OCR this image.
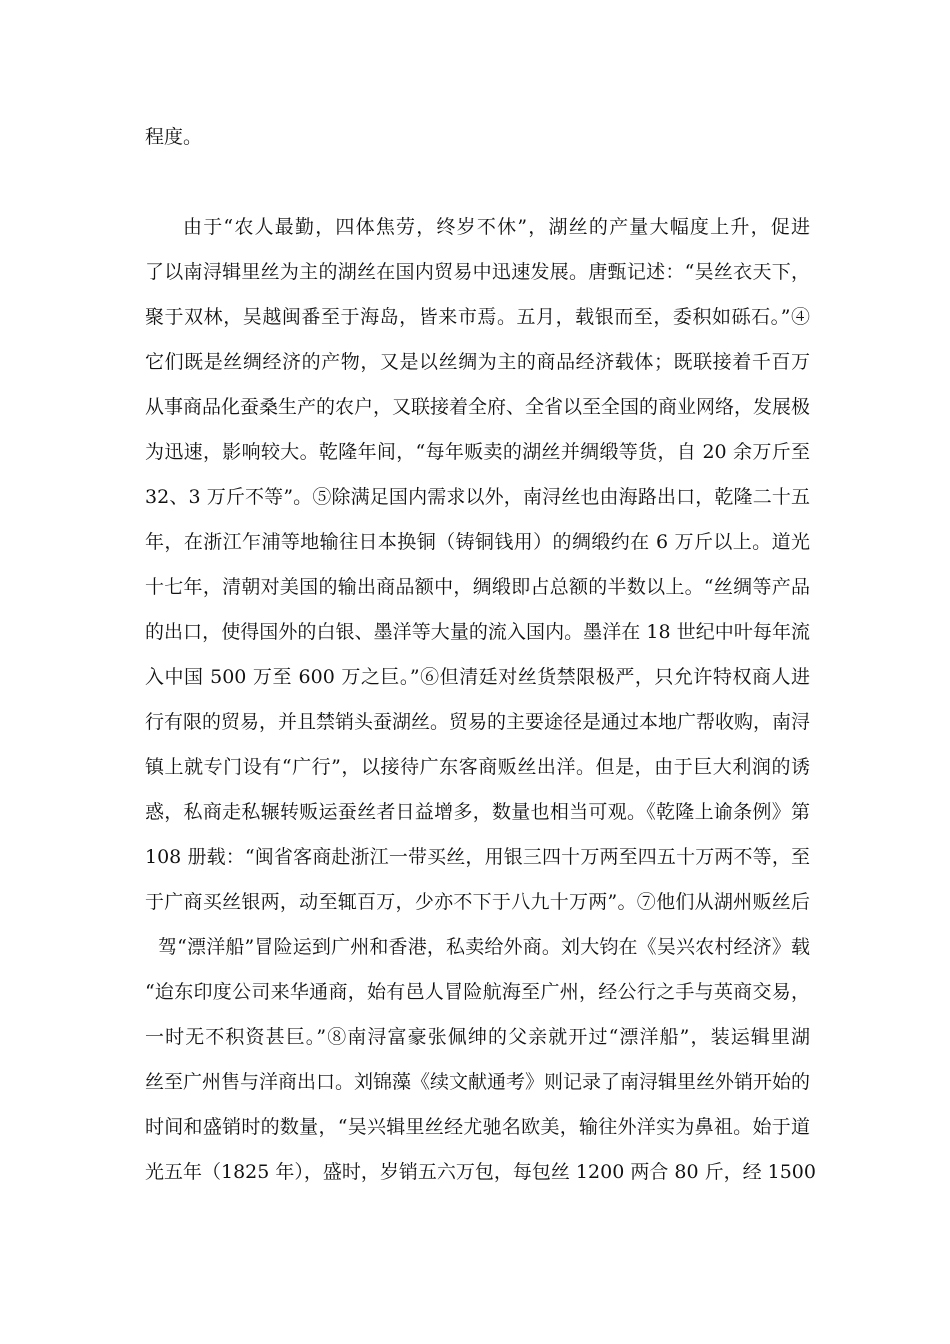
程度。
由于“农人最勤，四体焦劳，终岁不休”，湖丝的产量大幅度上升，促进
了以南浔辑里丝为主的湖丝在国内贸易中迅速发展。唐甄记述：“吴丝衣天下，
聚于双林，吴越闽番至于海岛，皆来市焉。五月，载银而至，委积如砾石。”④
它们既是丝绸经济的产物，又是以丝绸为主的商品经济载体；既联接着千百万
从事商品化蚕桑生产的农户，又联接着全府、全省以至全国的商业网络，发展极
为迅速，影响较大。乾隆年间，“每年贩卖的湖丝并绸缎等货，自 20 余万斤至
32、3 万斤不等”。⑤除满足国内需求以外，南浔丝也由海路出口，乾隆二十五
年，在浙江乍浦等地输往日本换铜（铸铜钱用）的绸缎约在 6 万斤以上。道光
十七年，清朝对美国的输出商品额中，绸缎即占总额的半数以上。“丝绸等产品
的出口，使得国外的白银、墨洋等大量的流入国内。墨洋在 18 世纪中叶每年流
入中国 500 万至 600 万之巨。”⑥但清廷对丝货禁限极严，只允许特权商人进
行有限的贸易，并且禁销头蚕湖丝。贸易的主要途径是通过本地广帮收购，南浔
镇上就专门设有“广行”，以接待广东客商贩丝出洋。但是，由于巨大利润的诱
惑，私商走私辗转贩运蚕丝者日益增多，数量也相当可观。《乾隆上谕条例》第
108 册载：“闽省客商赴浙江一带买丝，用银三四十万两至四五十万两不等，至
于广商买丝银两，动至辄百万，少亦不下于八九十万两”。⑦他们从湖州贩丝后
驾“漂洋船”冒险运到广州和香港，私卖给外商。刘大钧在《吴兴农村经济》载
“迨东印度公司来华通商，始有邑人冒险航海至广州，经公行之手与英商交易，
一时无不积资甚巨。”⑧南浔富豪张佩绅的父亲就开过“漂洋船”，装运辑里湖
丝至广州售与洋商出口。刘锦藻《续文献通考》则记录了南浔辑里丝外销开始的
时间和盛销时的数量，“吴兴辑里丝经尤驰名欧美，输往外洋实为鼻祖。始于道
光五年（1825 年），盛时，岁销五六万包，每包丝 1200 两合 80 斤，经 1500
